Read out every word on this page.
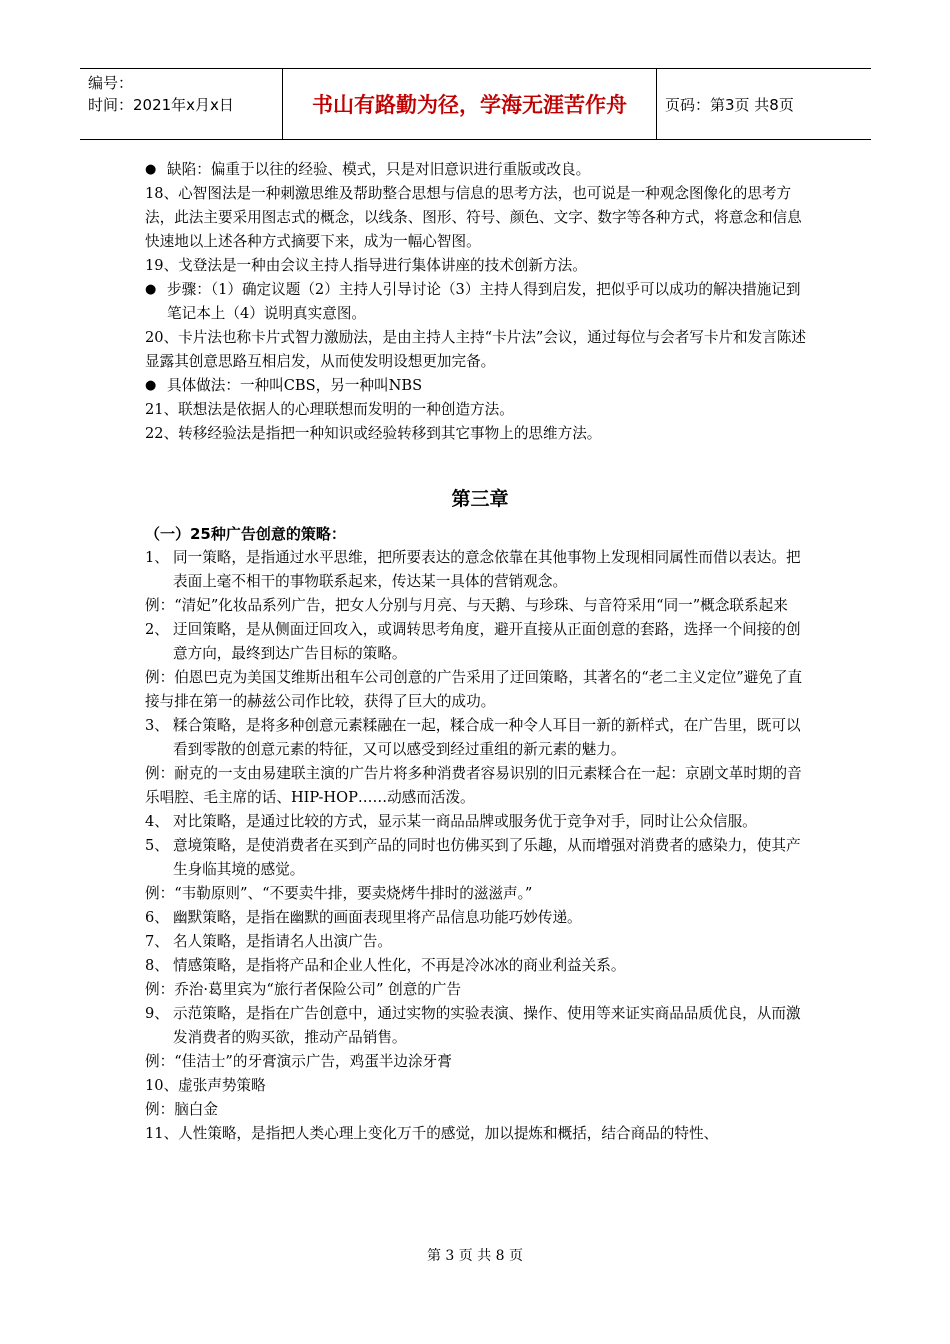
编号：
时间：2021年x月x日	书山有路勤为径，学海无涯苦作舟	页码：第3页 共8页

● 缺陷：偏重于以往的经验、模式，只是对旧意识进行重版或改良。

18、心智图法是一种刺激思维及帮助整合思想与信息的思考方法，也可说是一种观念图像化的思考方法，此法主要采用图志式的概念，以线条、图形、符号、颜色、文字、数字等各种方式，将意念和信息快速地以上述各种方式摘要下来，成为一幅心智图。

19、戈登法是一种由会议主持人指导进行集体讲座的技术创新方法。

● 步骤：（1）确定议题（2）主持人引导讨论（3）主持人得到启发，把似乎可以成功的解决措施记到笔记本上（4）说明真实意图。

20、卡片法也称卡片式智力激励法，是由主持人主持“卡片法”会议，通过每位与会者写卡片和发言陈述显露其创意思路互相启发，从而使发明设想更加完备。

● 具体做法：一种叫CBS，另一种叫NBS

21、联想法是依据人的心理联想而发明的一种创造方法。

22、转移经验法是指把一种知识或经验转移到其它事物上的思维方法。

第三章
（一）25种广告创意的策略：

1、 同一策略，是指通过水平思维，把所要表达的意念依靠在其他事物上发现相同属性而借以表达。把表面上毫不相干的事物联系起来，传达某一具体的营销观念。

例：“清妃”化妆品系列广告，把女人分别与月亮、与天鹅、与珍珠、与音符采用“同一”概念联系起来

2、 迂回策略，是从侧面迂回攻入，或调转思考角度，避开直接从正面创意的套路，选择一个间接的创意方向，最终到达广告目标的策略。

例：伯恩巴克为美国艾维斯出租车公司创意的广告采用了迂回策略，其著名的“老二主义定位”避免了直接与排在第一的赫兹公司作比较，获得了巨大的成功。

3、 糅合策略，是将多种创意元素糅融在一起，糅合成一种令人耳目一新的新样式，在广告里，既可以看到零散的创意元素的特征，又可以感受到经过重组的新元素的魅力。

例：耐克的一支由易建联主演的广告片将多种消费者容易识别的旧元素糅合在一起：京剧文革时期的音乐唱腔、毛主席的话、HIP-HOP……动感而活泼。

4、 对比策略，是通过比较的方式，显示某一商品品牌或服务优于竞争对手，同时让公众信服。

5、 意境策略，是使消费者在买到产品的同时也仿佛买到了乐趣，从而增强对消费者的感染力，使其产生身临其境的感觉。

例：“韦勒原则”、“不要卖牛排，要卖烧烤牛排时的滋滋声。”

6、 幽默策略，是指在幽默的画面表现里将产品信息功能巧妙传递。

7、 名人策略，是指请名人出演广告。

8、 情感策略，是指将产品和企业人性化，不再是冷冰冰的商业利益关系。

例：乔治·葛里宾为“旅行者保险公司” 创意的广告

9、 示范策略，是指在广告创意中，通过实物的实验表演、操作、使用等来证实商品品质优良，从而激发消费者的购买欲，推动产品销售。

例：“佳洁士”的牙膏演示广告，鸡蛋半边涂牙膏

10、虚张声势策略

例：脑白金

11、人性策略，是指把人类心理上变化万千的感觉，加以提炼和概括，结合商品的特性、

第 3 页 共 8 页
